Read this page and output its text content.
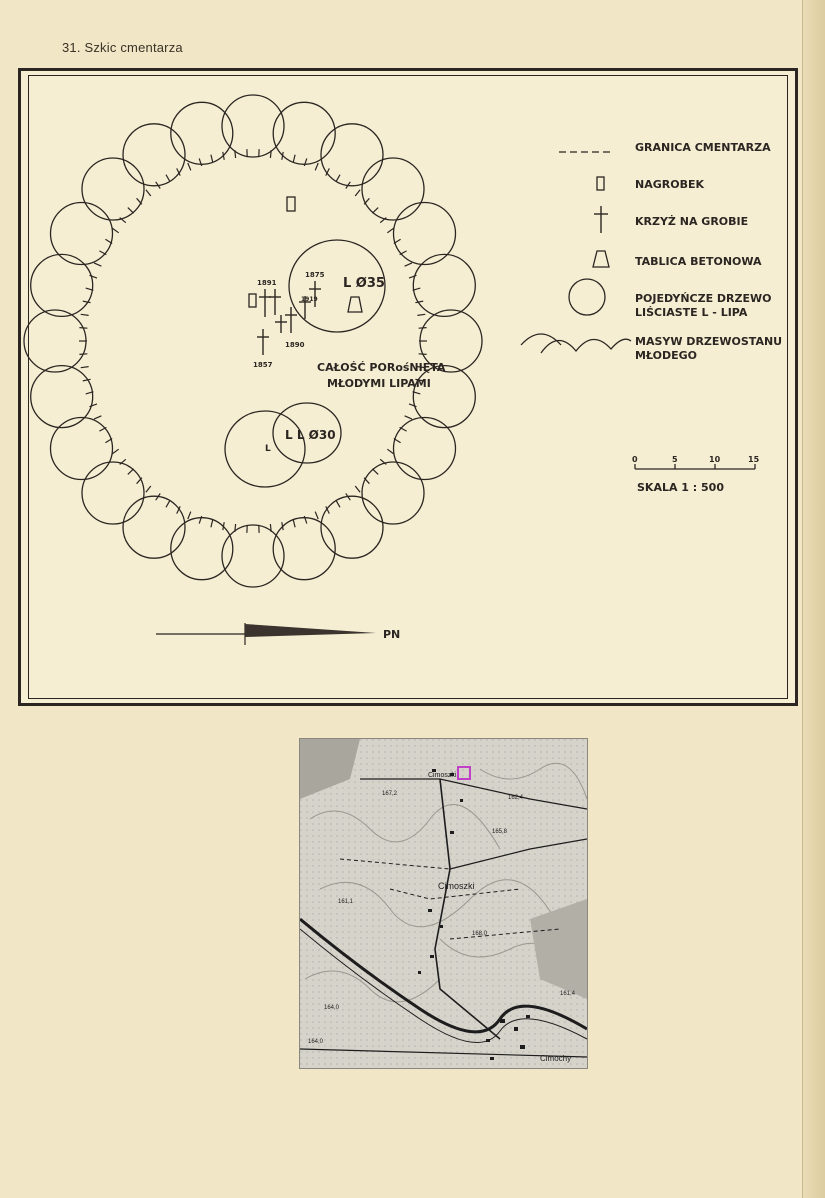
31. Szkic cmentarza
L Ø35
1891
1875
1919
1890
1857	CAŁOŚĆ PORośNIĘTA
MŁODYMI LIPAMI
L L Ø30
L
PN
GRANICA CMENTARZA
NAGROBEK
KRZYŻ NA GROBIE
TABLICA BETONOWA
POJEDYŃCZE DRZEWO
LIŚCIASTE L - LIPA
MASYW DRZEWOSTANU
MŁODEGO
0	5	10	15
SKALA 1 : 500
Cimoszki
Cimoszki
Cimochy
167,2
162,4
165,8
161,1
168,0
161,4
164,0
164,0
